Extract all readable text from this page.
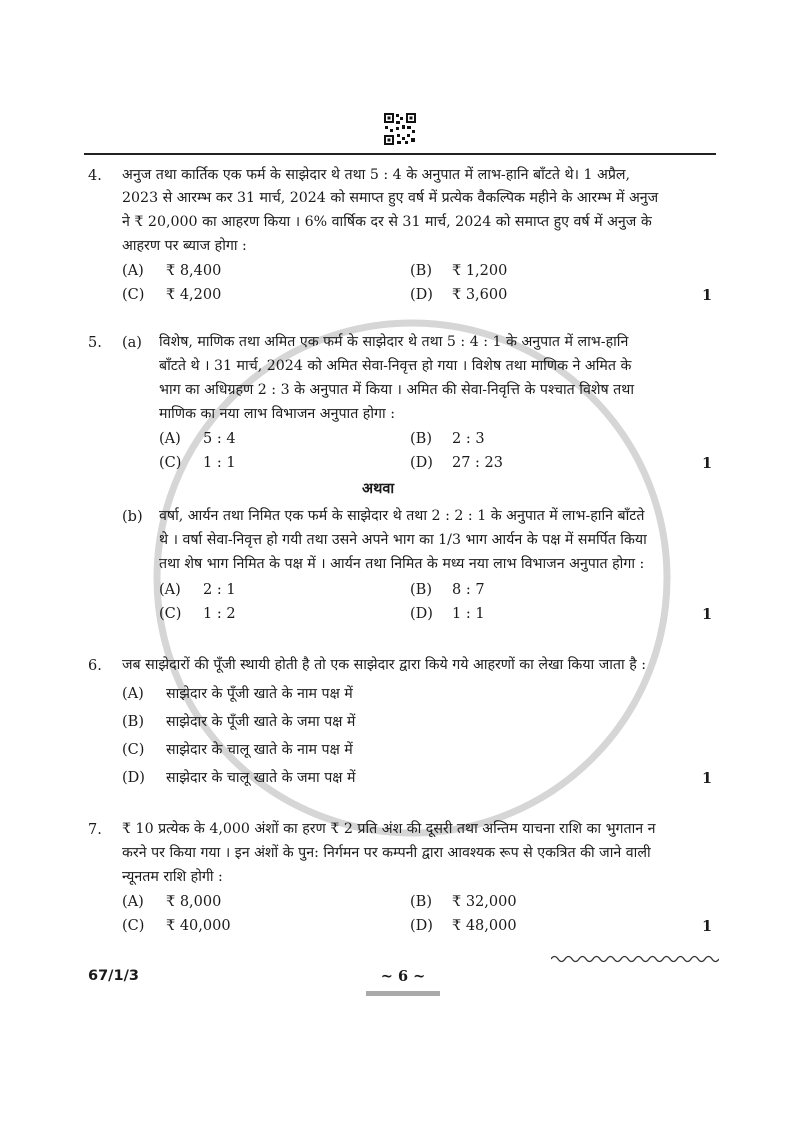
4. अनुज तथा कार्तिक एक फर्म के साझेदार थे तथा 5 : 4 के अनुपात में लाभ-हानि बाँटते थे। 1 अप्रैल,
2023 से आरम्भ कर 31 मार्च, 2024 को समाप्त हुए वर्ष में प्रत्येक वैकल्पिक महीने के आरम्भ में अनुज
ने ₹ 20,000 का आहरण किया । 6% वार्षिक दर से 31 मार्च, 2024 को समाप्त हुए वर्ष में अनुज के
आहरण पर ब्याज होगा :
(A) ₹ 8,400	(B) ₹ 1,200
(C) ₹ 4,200	(D) ₹ 3,600	1
5. (a) विशेष, माणिक तथा अमित एक फर्म के साझेदार थे तथा 5 : 4 : 1 के अनुपात में लाभ-हानि
बाँटते थे । 31 मार्च, 2024 को अमित सेवा-निवृत्त हो गया । विशेष तथा माणिक ने अमित के
भाग का अधिग्रहण 2 : 3 के अनुपात में किया । अमित की सेवा-निवृत्ति के पश्चात विशेष तथा
माणिक का नया लाभ विभाजन अनुपात होगा :
(A) 5 : 4	(B) 2 : 3
(C) 1 : 1	(D) 27 : 23	1
अथवा
(b) वर्षा, आर्यन तथा निमित एक फर्म के साझेदार थे तथा 2 : 2 : 1 के अनुपात में लाभ-हानि बाँटते
थे । वर्षा सेवा-निवृत्त हो गयी तथा उसने अपने भाग का 1/3 भाग आर्यन के पक्ष में समर्पित किया
तथा शेष भाग निमित के पक्ष में । आर्यन तथा निमित के मध्य नया लाभ विभाजन अनुपात होगा :
(A) 2 : 1	(B) 8 : 7
(C) 1 : 2	(D) 1 : 1	1
6. जब साझेदारों की पूँजी स्थायी होती है तो एक साझेदार द्वारा किये गये आहरणों का लेखा किया जाता है :
(A) साझेदार के पूँजी खाते के नाम पक्ष में
(B) साझेदार के पूँजी खाते के जमा पक्ष में
(C) साझेदार के चालू खाते के नाम पक्ष में
(D) साझेदार के चालू खाते के जमा पक्ष में	1
7. ₹ 10 प्रत्येक के 4,000 अंशों का हरण ₹ 2 प्रति अंश की दूसरी तथा अन्तिम याचना राशि का भुगतान न
करने पर किया गया । इन अंशों के पुन: निर्गमन पर कम्पनी द्वारा आवश्यक रूप से एकत्रित की जाने वाली
न्यूनतम राशि होगी :
(A) ₹ 8,000	(B) ₹ 32,000
(C) ₹ 40,000	(D) ₹ 48,000	1
67/1/3	~ 6 ~
